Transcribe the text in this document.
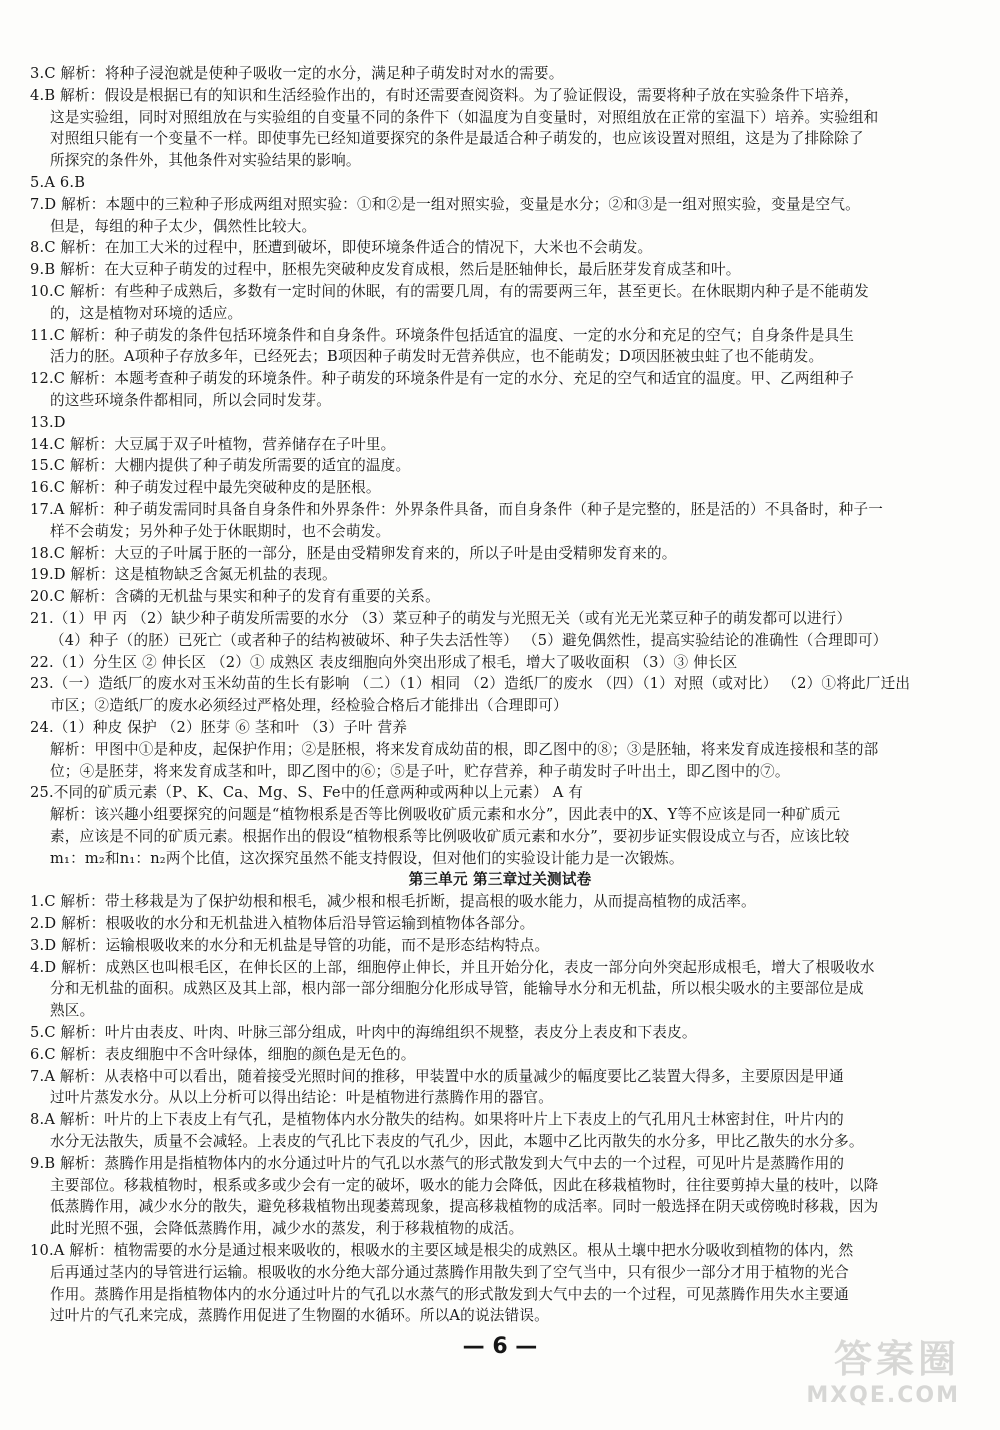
3.C 解析：将种子浸泡就是使种子吸收一定的水分，满足种子萌发时对水的需要。
4.B 解析：假设是根据已有的知识和生活经验作出的，有时还需要查阅资料。为了验证假设，需要将种子放在实验条件下培养，
这是实验组，同时对照组放在与实验组的自变量不同的条件下（如温度为自变量时，对照组放在正常的室温下）培养。实验组和
对照组只能有一个变量不一样。即使事先已经知道要探究的条件是最适合种子萌发的，也应该设置对照组，这是为了排除除了
所探究的条件外，其他条件对实验结果的影响。
5.A 6.B
7.D 解析：本题中的三粒种子形成两组对照实验：①和②是一组对照实验，变量是水分；②和③是一组对照实验，变量是空气。
但是，每组的种子太少，偶然性比较大。
8.C 解析：在加工大米的过程中，胚遭到破坏，即使环境条件适合的情况下，大米也不会萌发。
9.B 解析：在大豆种子萌发的过程中，胚根先突破种皮发育成根，然后是胚轴伸长，最后胚芽发育成茎和叶。
10.C 解析：有些种子成熟后，多数有一定时间的休眠，有的需要几周，有的需要两三年，甚至更长。在休眠期内种子是不能萌发
的，这是植物对环境的适应。
11.C 解析：种子萌发的条件包括环境条件和自身条件。环境条件包括适宜的温度、一定的水分和充足的空气；自身条件是具生
活力的胚。A项种子存放多年，已经死去；B项因种子萌发时无营养供应，也不能萌发；D项因胚被虫蛀了也不能萌发。
12.C 解析：本题考查种子萌发的环境条件。种子萌发的环境条件是有一定的水分、充足的空气和适宜的温度。甲、乙两组种子
的这些环境条件都相同，所以会同时发芽。
13.D
14.C 解析：大豆属于双子叶植物，营养储存在子叶里。
15.C 解析：大棚内提供了种子萌发所需要的适宜的温度。
16.C 解析：种子萌发过程中最先突破种皮的是胚根。
17.A 解析：种子萌发需同时具备自身条件和外界条件：外界条件具备，而自身条件（种子是完整的，胚是活的）不具备时，种子一
样不会萌发；另外种子处于休眠期时，也不会萌发。
18.C 解析：大豆的子叶属于胚的一部分，胚是由受精卵发育来的，所以子叶是由受精卵发育来的。
19.D 解析：这是植物缺乏含氮无机盐的表现。
20.C 解析：含磷的无机盐与果实和种子的发育有重要的关系。
21.（1）甲 丙 （2）缺少种子萌发所需要的水分 （3）菜豆种子的萌发与光照无关（或有光无光菜豆种子的萌发都可以进行）
（4）种子（的胚）已死亡（或者种子的结构被破坏、种子失去活性等） （5）避免偶然性，提高实验结论的准确性（合理即可）
22.（1）分生区 ② 伸长区 （2）① 成熟区 表皮细胞向外突出形成了根毛，增大了吸收面积 （3）③ 伸长区
23.（一）造纸厂的废水对玉米幼苗的生长有影响 （二）（1）相同 （2）造纸厂的废水 （四）（1）对照（或对比） （2）①将此厂迁出
市区；②造纸厂的废水必须经过严格处理，经检验合格后才能排出（合理即可）
24.（1）种皮 保护 （2）胚芽 ⑥ 茎和叶 （3）子叶 营养
解析：甲图中①是种皮，起保护作用；②是胚根，将来发育成幼苗的根，即乙图中的⑧；③是胚轴，将来发育成连接根和茎的部
位；④是胚芽，将来发育成茎和叶，即乙图中的⑥；⑤是子叶，贮存营养，种子萌发时子叶出土，即乙图中的⑦。
25.不同的矿质元素（P、K、Ca、Mg、S、Fe中的任意两种或两种以上元素） A 有
解析：该兴趣小组要探究的问题是“植物根系是否等比例吸收矿质元素和水分”，因此表中的X、Y等不应该是同一种矿质元
素，应该是不同的矿质元素。根据作出的假设“植物根系等比例吸收矿质元素和水分”，要初步证实假设成立与否，应该比较
m₁：m₂和n₁：n₂两个比值，这次探究虽然不能支持假设，但对他们的实验设计能力是一次锻炼。
第三单元 第三章过关测试卷
1.C 解析：带土移栽是为了保护幼根和根毛，减少根和根毛折断，提高根的吸水能力，从而提高植物的成活率。
2.D 解析：根吸收的水分和无机盐进入植物体后沿导管运输到植物体各部分。
3.D 解析：运输根吸收来的水分和无机盐是导管的功能，而不是形态结构特点。
4.D 解析：成熟区也叫根毛区，在伸长区的上部，细胞停止伸长，并且开始分化，表皮一部分向外突起形成根毛，增大了根吸收水
分和无机盐的面积。成熟区及其上部，根内部一部分细胞分化形成导管，能输导水分和无机盐，所以根尖吸水的主要部位是成
熟区。
5.C 解析：叶片由表皮、叶肉、叶脉三部分组成，叶肉中的海绵组织不规整，表皮分上表皮和下表皮。
6.C 解析：表皮细胞中不含叶绿体，细胞的颜色是无色的。
7.A 解析：从表格中可以看出，随着接受光照时间的推移，甲装置中水的质量减少的幅度要比乙装置大得多，主要原因是甲通
过叶片蒸发水分。从以上分析可以得出结论：叶是植物进行蒸腾作用的器官。
8.A 解析：叶片的上下表皮上有气孔，是植物体内水分散失的结构。如果将叶片上下表皮上的气孔用凡士林密封住，叶片内的
水分无法散失，质量不会减轻。上表皮的气孔比下表皮的气孔少，因此，本题中乙比丙散失的水分多，甲比乙散失的水分多。
9.B 解析：蒸腾作用是指植物体内的水分通过叶片的气孔以水蒸气的形式散发到大气中去的一个过程，可见叶片是蒸腾作用的
主要部位。移栽植物时，根系或多或少会有一定的破坏，吸水的能力会降低，因此在移栽植物时，往往要剪掉大量的枝叶，以降
低蒸腾作用，减少水分的散失，避免移栽植物出现萎蔫现象，提高移栽植物的成活率。同时一般选择在阴天或傍晚时移栽，因为
此时光照不强，会降低蒸腾作用，减少水的蒸发，利于移栽植物的成活。
10.A 解析：植物需要的水分是通过根来吸收的，根吸水的主要区域是根尖的成熟区。根从土壤中把水分吸收到植物的体内，然
后再通过茎内的导管进行运输。根吸收的水分绝大部分通过蒸腾作用散失到了空气当中，只有很少一部分才用于植物的光合
作用。蒸腾作用是指植物体内的水分通过叶片的气孔以水蒸气的形式散发到大气中去的一个过程，可见蒸腾作用失水主要通
过叶片的气孔来完成，蒸腾作用促进了生物圈的水循环。所以A的说法错误。
— 6 —	答案圈
MXQE.COM
